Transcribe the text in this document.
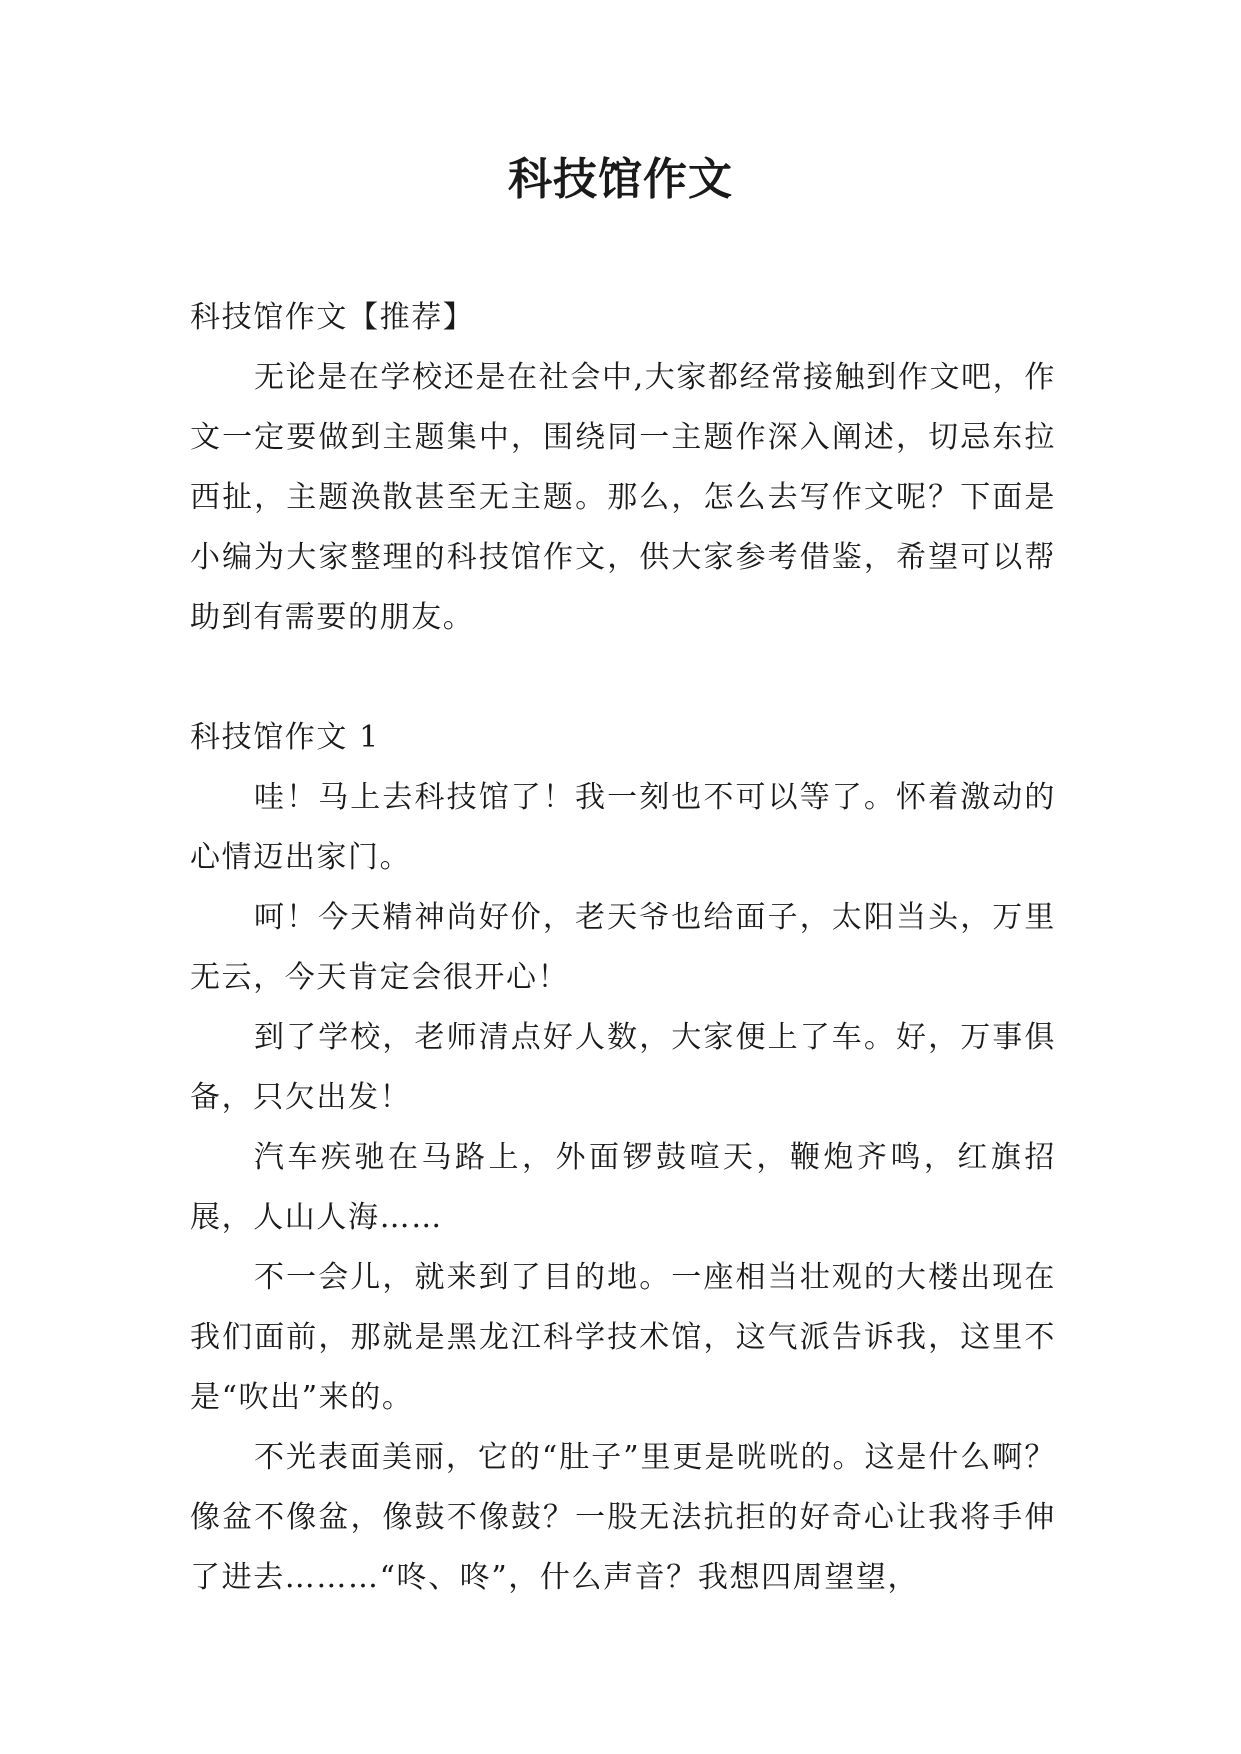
科技馆作文

科技馆作文【推荐】

无论是在学校还是在社会中,大家都经常接触到作文吧，作文一定要做到主题集中，围绕同一主题作深入阐述，切忌东拉西扯，主题涣散甚至无主题。那么，怎么去写作文呢？下面是小编为大家整理的科技馆作文，供大家参考借鉴，希望可以帮助到有需要的朋友。

科技馆作文 1

哇！马上去科技馆了！我一刻也不可以等了。怀着激动的心情迈出家门。

呵！今天精神尚好价，老天爷也给面子，太阳当头，万里无云，今天肯定会很开心！

到了学校，老师清点好人数，大家便上了车。好，万事俱备，只欠出发！

汽车疾驰在马路上，外面锣鼓喧天，鞭炮齐鸣，红旗招展，人山人海……

不一会儿，就来到了目的地。一座相当壮观的大楼出现在我们面前，那就是黑龙江科学技术馆，这气派告诉我，这里不是“吹出”来的。

不光表面美丽，它的“肚子”里更是咣咣的。这是什么啊？像盆不像盆，像鼓不像鼓？一股无法抗拒的好奇心让我将手伸了进去………“咚、咚”，什么声音？我想四周望望，
